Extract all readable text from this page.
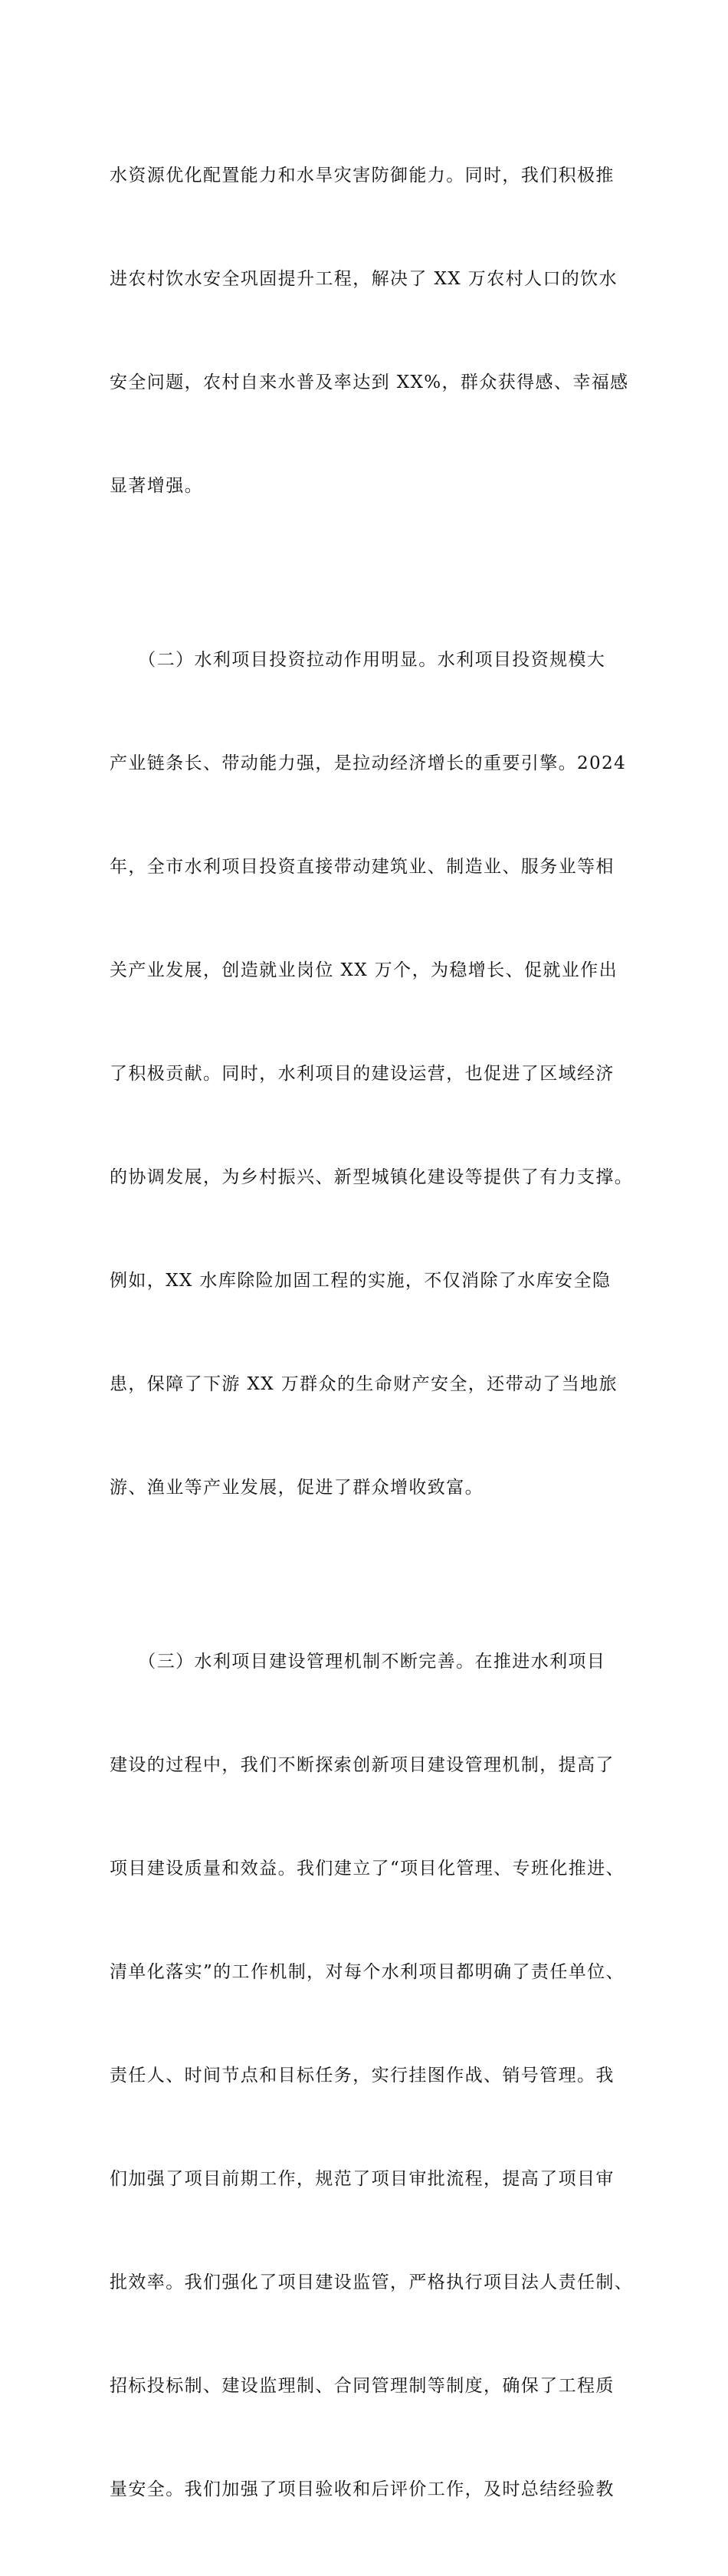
水资源优化配置能力和水旱灾害防御能力。同时，我们积极推

进农村饮水安全巩固提升工程，解决了 XX 万农村人口的饮水

安全问题，农村自来水普及率达到 XX%，群众获得感、幸福感

显著增强。

　　（二）水利项目投资拉动作用明显。水利项目投资规模大

产业链条长、带动能力强，是拉动经济增长的重要引擎。2024

年，全市水利项目投资直接带动建筑业、制造业、服务业等相

关产业发展，创造就业岗位 XX 万个，为稳增长、促就业作出

了积极贡献。同时，水利项目的建设运营，也促进了区域经济

的协调发展，为乡村振兴、新型城镇化建设等提供了有力支撑。

例如，XX 水库除险加固工程的实施，不仅消除了水库安全隐

患，保障了下游 XX 万群众的生命财产安全，还带动了当地旅

游、渔业等产业发展，促进了群众增收致富。

　　（三）水利项目建设管理机制不断完善。在推进水利项目

建设的过程中，我们不断探索创新项目建设管理机制，提高了

项目建设质量和效益。我们建立了“项目化管理、专班化推进、

清单化落实”的工作机制，对每个水利项目都明确了责任单位、

责任人、时间节点和目标任务，实行挂图作战、销号管理。我

们加强了项目前期工作，规范了项目审批流程，提高了项目审

批效率。我们强化了项目建设监管，严格执行项目法人责任制、

招标投标制、建设监理制、合同管理制等制度，确保了工程质

量安全。我们加强了项目验收和后评价工作，及时总结经验教
